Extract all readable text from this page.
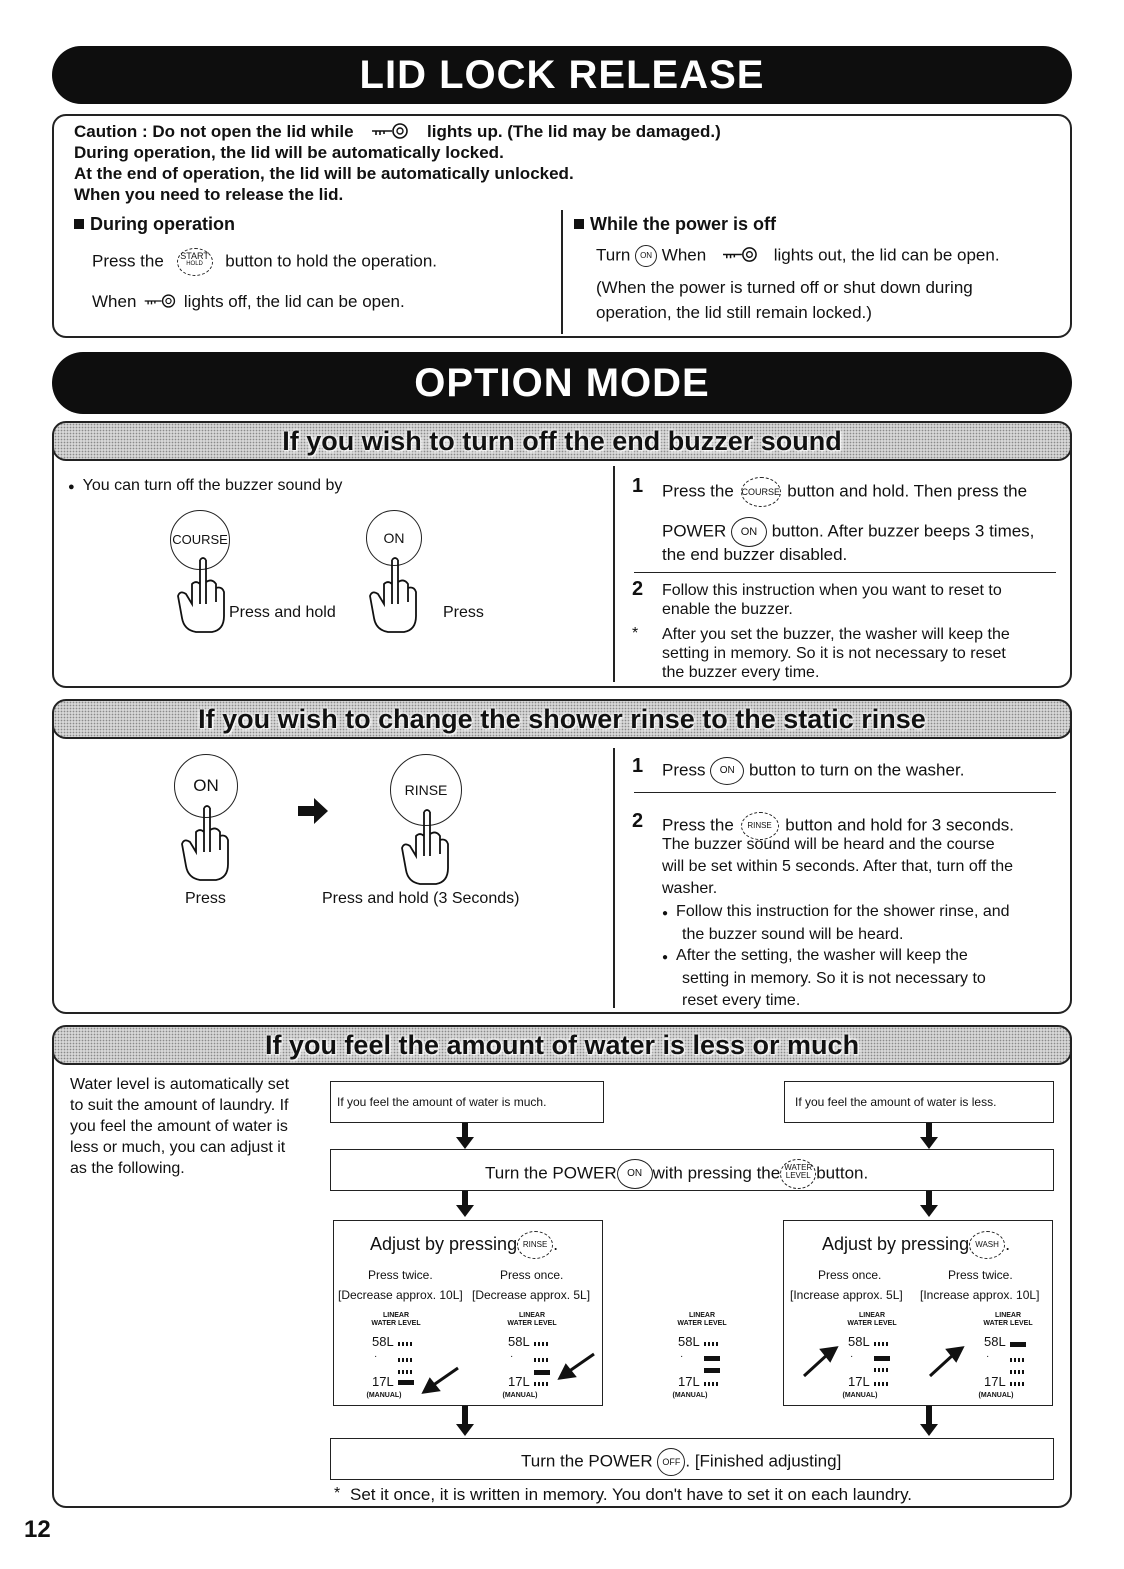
LID LOCK RELEASE
Caution : Do not open the lid while	lights up. (The lid may be damaged.)
During operation, the lid will be automatically locked.
At the end of operation, the lid will be automatically unlocked.
When you need to release the lid.
During operation
Press the START
HOLD	button to hold the operation.
When	lights off, the lid can be open.
While the power is off
Turn ON When	lights out, the lid can be open.
(When the power is turned off or shut down during
operation, the lid still remain locked.)
OPTION MODE
If you wish to turn off the end buzzer sound
● You can turn off the buzzer sound by
COURSE
Press and hold
ON
Press
1 Press the COURSE button and hold. Then press the
POWER ON button. After buzzer beeps 3 times,
the end buzzer disabled.
2 Follow this instruction when you want to reset to
enable the buzzer.
* After you set the buzzer, the washer will keep the
setting in memory. So it is not necessary to reset
the buzzer every time.
If you wish to change the shower rinse to the static rinse
ON
Press
RINSE
Press and hold (3 Seconds)
1 Press ON button to turn on the washer.
2 Press the RINSE button and hold for 3 seconds.
The buzzer sound will be heard and the course
will be set within 5 seconds. After that, turn off the
washer.
● Follow this instruction for the shower rinse, and
the buzzer sound will be heard.
● After the setting, the washer will keep the
setting in memory. So it is not necessary to
reset every time.
If you feel the amount of water is less or much
Water level is automatically set
to suit the amount of laundry. If
you feel the amount of water is
less or much, you can adjust it
as the following.
If you feel the amount of water is much.	If you feel the amount of water is less.
Turn the POWER ON with pressing the WATER
LEVEL button.
Adjust by pressing RINSE .
Press twice.	Press once.
[Decrease approx. 10L] [Decrease approx. 5L]
Adjust by pressing WASH .
Press once.	Press twice.
[Increase approx. 5L] [Increase approx. 10L]
LINEAR
WATER LEVEL
58L
·
17L
(MANUAL)
LINEAR
WATER LEVEL
58L
·
17L
(MANUAL)
LINEAR
WATER LEVEL
58L
·
17L
(MANUAL)
LINEAR
WATER LEVEL
58L
·
17L
(MANUAL)
LINEAR
WATER LEVEL
58L
·
17L
(MANUAL)
Turn the POWER OFF . [Finished adjusting]
* Set it once, it is written in memory. You don't have to set it on each laundry.
12
